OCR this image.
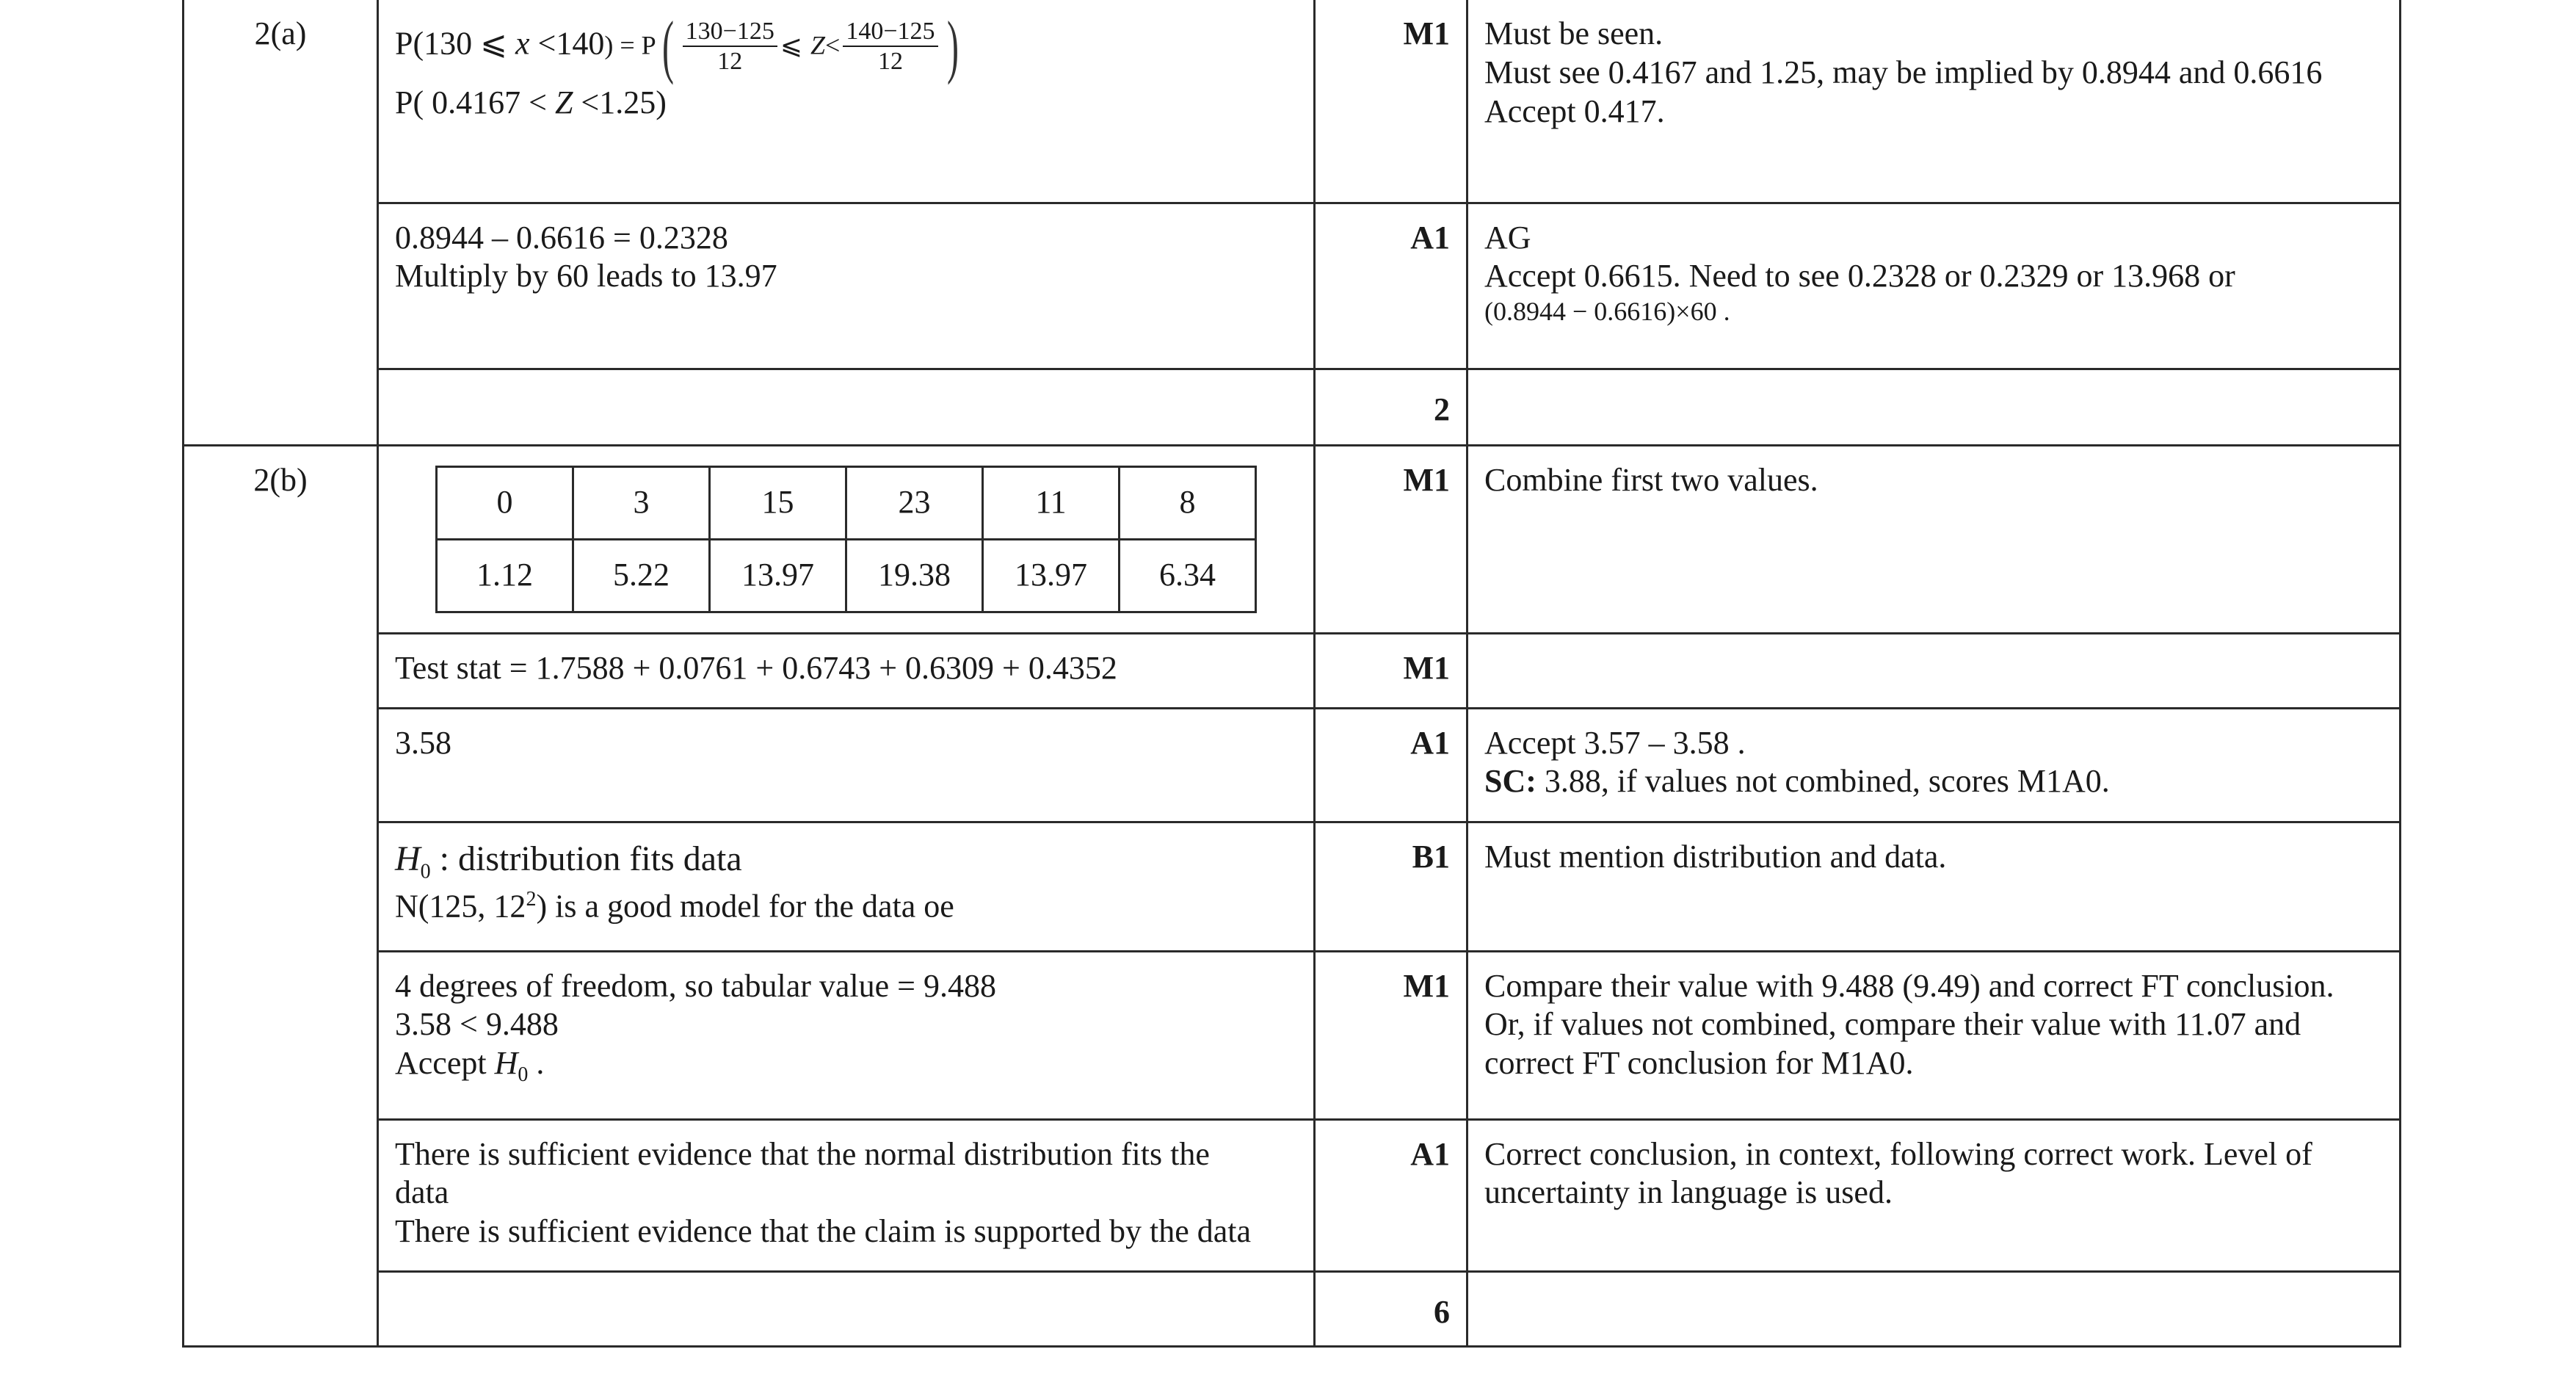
2(a)	P(130 ⩽ $x <140) = P( \frac{130-125}{12}$ ⩽ $Z< \frac{140-125}{12}$ )
P( 0.4167 < Z <1.25)
	M1	Must be seen.
Must see 0.4167 and 1.25, may be implied by 0.8944 and 0.6616
Accept 0.417.

0.8944 – 0.6616 = 0.2328
Multiply by 60 leads to 13.97
	A1	AG
Accept 0.6615. Need to see 0.2328 or 0.2329 or 13.968 or
(0.8944 − 0.6616)×60 .

	2	
2(b)	
0	3	15	23	11	8
1.12	5.22	13.97	19.38	13.97	6.34
	M1	Combine first two values.

Test stat = 1.7588 + 0.0761 + 0.6743 + 0.6309 + 0.4352	M1	

3.58	A1	Accept 3.57 – 3.58 .
SC: 3.88, if values not combined, scores M1A0.

$H_0$ : distribution fits data
N(125, $12^2$) is a good model for the data oe
	B1	Must mention distribution and data.

4 degrees of freedom, so tabular value = 9.488
3.58 < 9.488
Accept $H_0$ .
	M1	Compare their value with 9.488 (9.49) and correct FT conclusion.
Or, if values not combined, compare their value with 11.07 and
correct FT conclusion for M1A0.

There is sufficient evidence that the normal distribution fits the
data
There is sufficient evidence that the claim is supported by the data
	A1	Correct conclusion, in context, following correct work. Level of
uncertainty in language is used.

	6	
